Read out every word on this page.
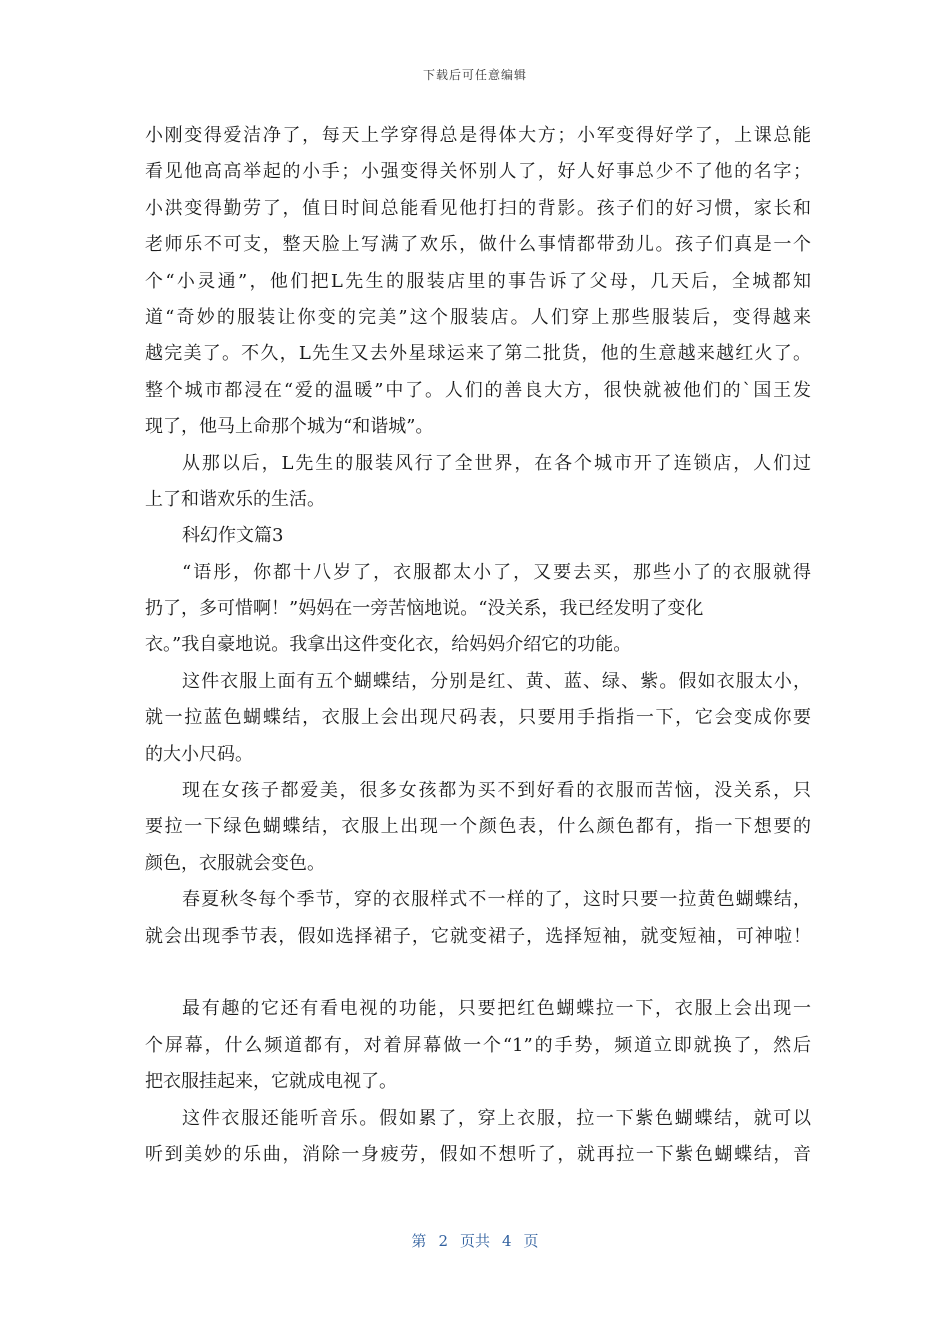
下载后可任意编辑
小刚变得爱洁净了，每天上学穿得总是得体大方；小军变得好学了，上课总能
看见他高高举起的小手；小强变得关怀别人了，好人好事总少不了他的名字；
小洪变得勤劳了，值日时间总能看见他打扫的背影。孩子们的好习惯，家长和
老师乐不可支，整天脸上写满了欢乐，做什么事情都带劲儿。孩子们真是一个
个“小灵通”，他们把L先生的服装店里的事告诉了父母，几天后，全城都知
道“奇妙的服装让你变的完美”这个服装店。人们穿上那些服装后，变得越来
越完美了。不久，L先生又去外星球运来了第二批货，他的生意越来越红火了。
整个城市都浸在“爱的温暖”中了。人们的善良大方，很快就被他们的`国王发
现了，他马上命那个城为“和谐城”。
从那以后，L先生的服装风行了全世界，在各个城市开了连锁店，人们过
上了和谐欢乐的生活。
科幻作文篇3
“语彤，你都十八岁了，衣服都太小了，又要去买，那些小了的衣服就得
扔了，多可惜啊！”妈妈在一旁苦恼地说。“没关系，我已经发明了变化
衣。”我自豪地说。我拿出这件变化衣，给妈妈介绍它的功能。
这件衣服上面有五个蝴蝶结，分别是红、黄、蓝、绿、紫。假如衣服太小，
就一拉蓝色蝴蝶结，衣服上会出现尺码表，只要用手指指一下，它会变成你要
的大小尺码。
现在女孩子都爱美，很多女孩都为买不到好看的衣服而苦恼，没关系，只
要拉一下绿色蝴蝶结，衣服上出现一个颜色表，什么颜色都有，指一下想要的
颜色，衣服就会变色。
春夏秋冬每个季节，穿的衣服样式不一样的了，这时只要一拉黄色蝴蝶结，
就会出现季节表，假如选择裙子，它就变裙子，选择短袖，就变短袖，可神啦！
最有趣的它还有看电视的功能，只要把红色蝴蝶拉一下，衣服上会出现一
个屏幕，什么频道都有，对着屏幕做一个“1”的手势，频道立即就换了，然后
把衣服挂起来，它就成电视了。
这件衣服还能听音乐。假如累了，穿上衣服，拉一下紫色蝴蝶结，就可以
听到美妙的乐曲，消除一身疲劳，假如不想听了，就再拉一下紫色蝴蝶结，音
第 2 页共 4 页
